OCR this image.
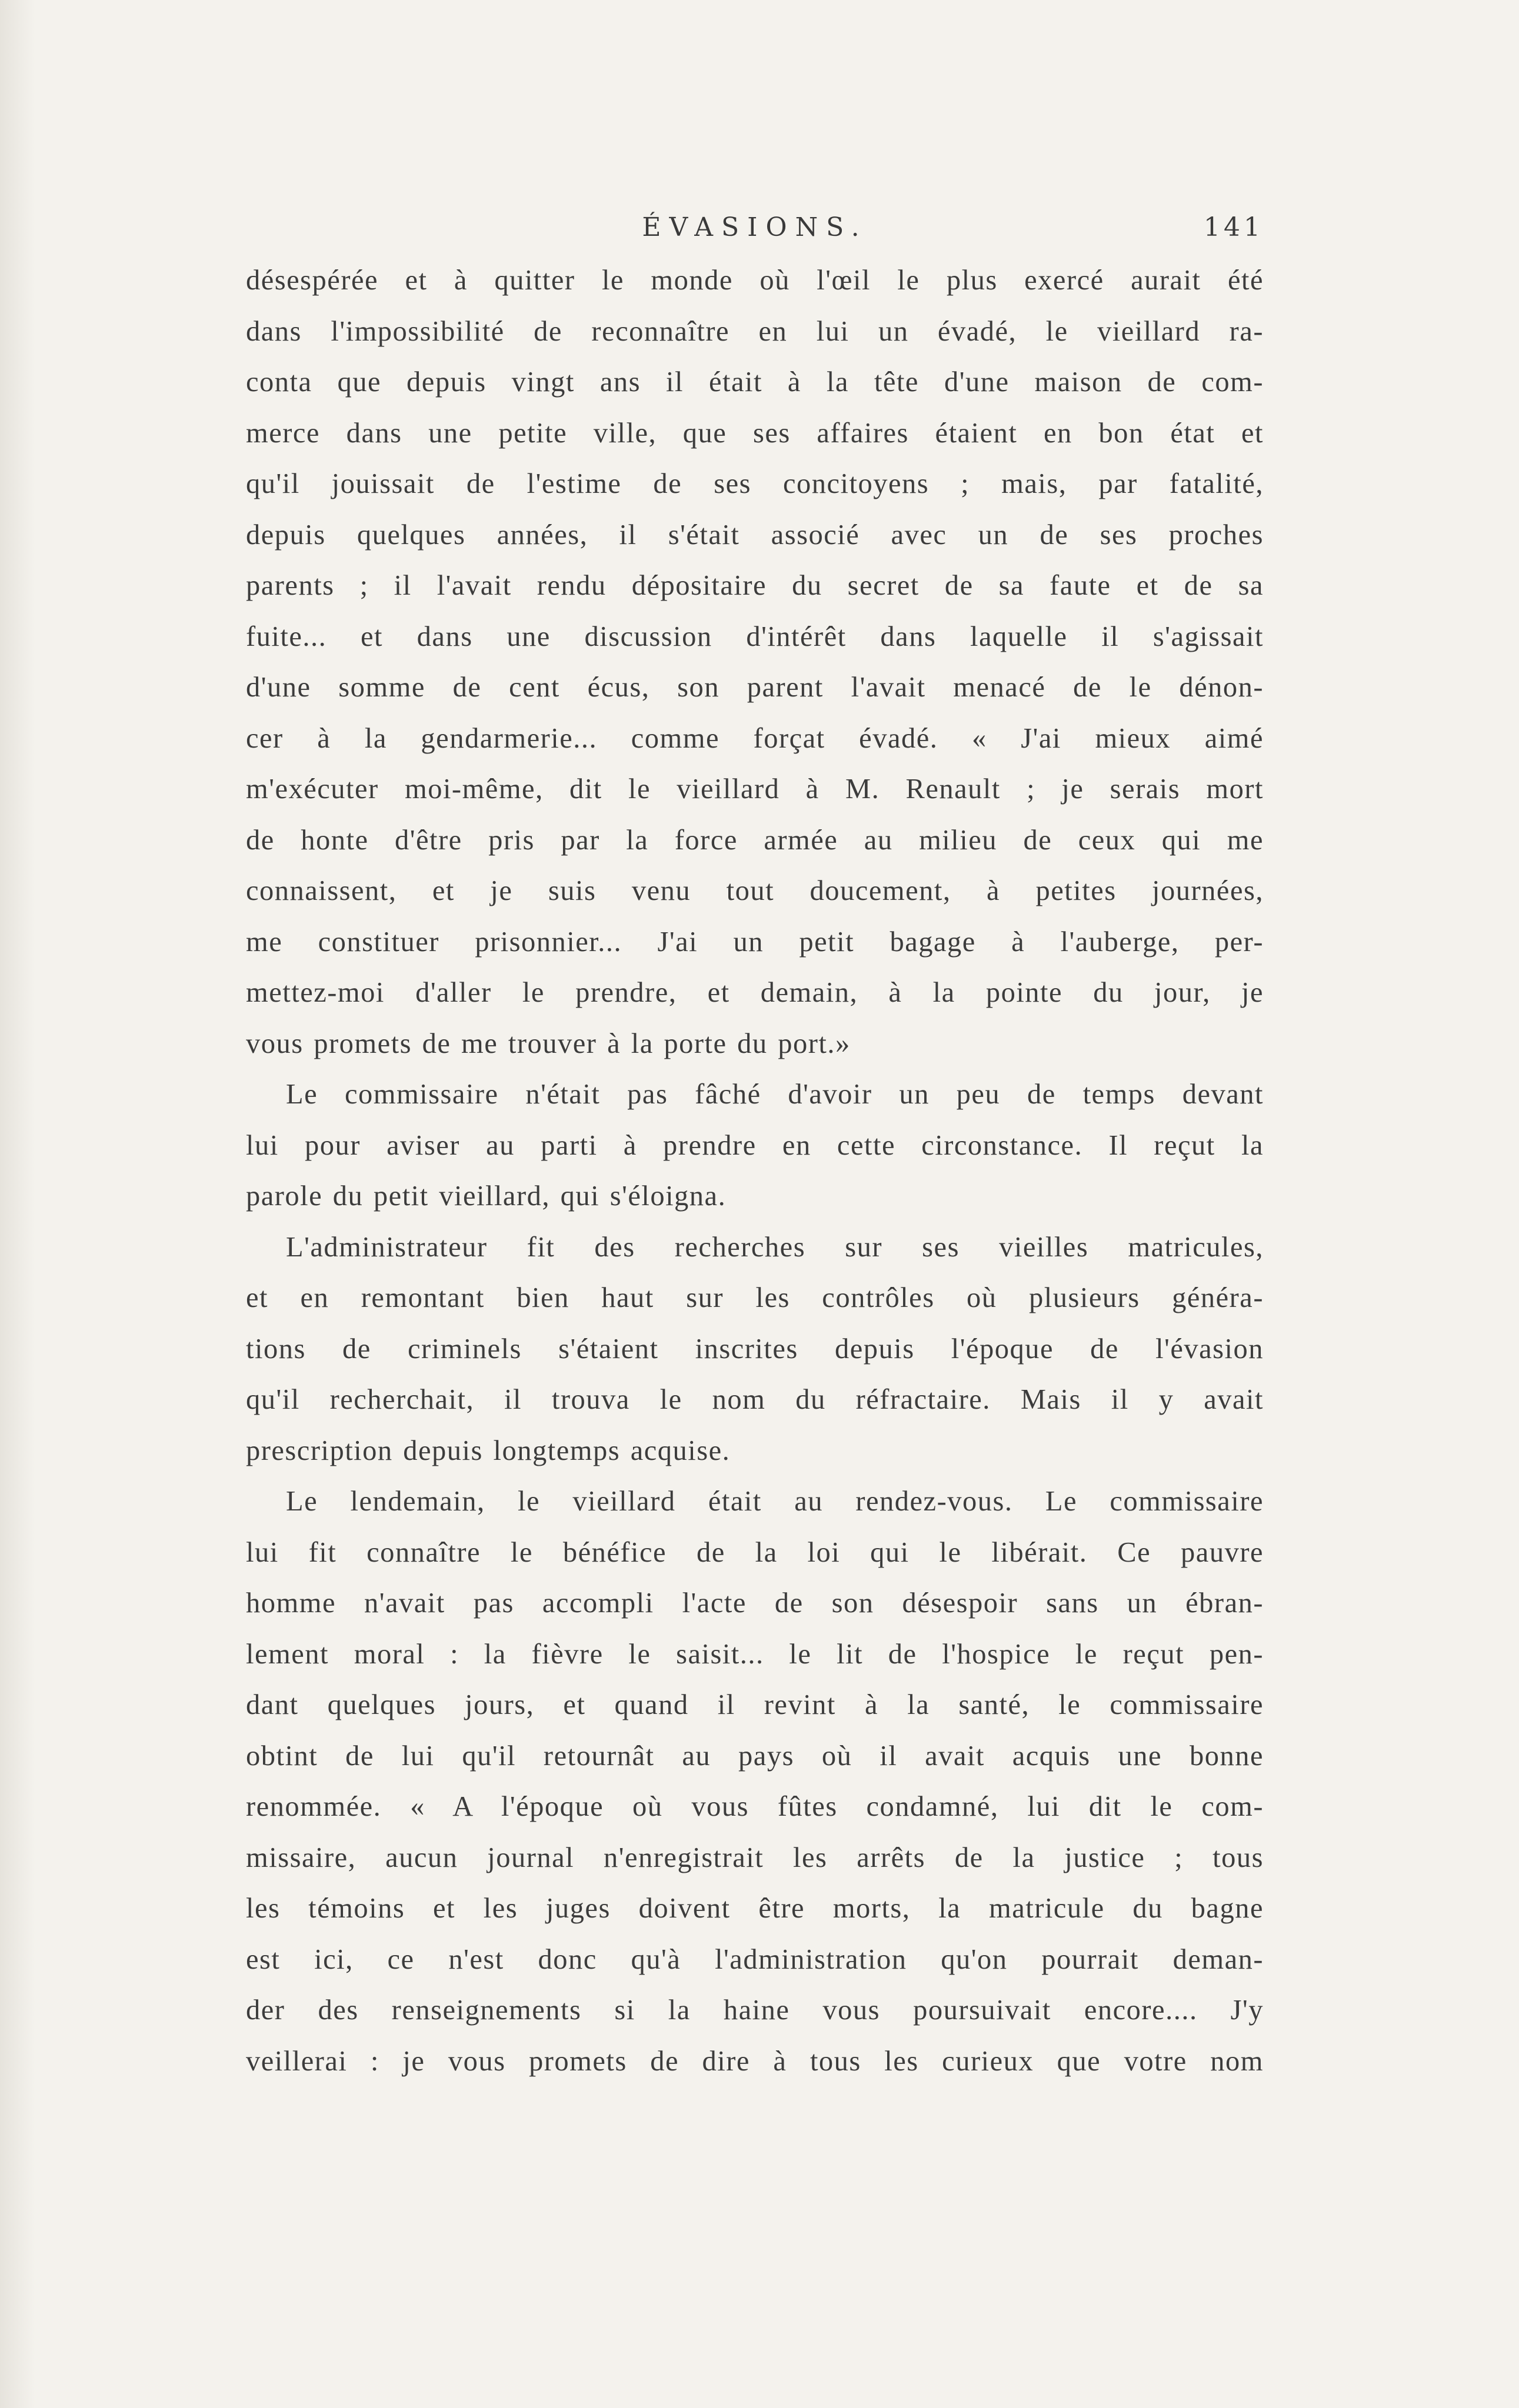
ÉVASIONS.	141
désespérée et à quitter le monde où l'œil le plus exercé aurait été
dans l'impossibilité de reconnaître en lui un évadé, le vieillard ra-
conta que depuis vingt ans il était à la tête d'une maison de com-
merce dans une petite ville, que ses affaires étaient en bon état et
qu'il jouissait de l'estime de ses concitoyens ; mais, par fatalité,
depuis quelques années, il s'était associé avec un de ses proches
parents ; il l'avait rendu dépositaire du secret de sa faute et de sa
fuite... et dans une discussion d'intérêt dans laquelle il s'agissait
d'une somme de cent écus, son parent l'avait menacé de le dénon-
cer à la gendarmerie... comme forçat évadé. « J'ai mieux aimé
m'exécuter moi-même, dit le vieillard à M. Renault ; je serais mort
de honte d'être pris par la force armée au milieu de ceux qui me
connaissent, et je suis venu tout doucement, à petites journées,
me constituer prisonnier... J'ai un petit bagage à l'auberge, per-
mettez-moi d'aller le prendre, et demain, à la pointe du jour, je
vous promets de me trouver à la porte du port.»
Le commissaire n'était pas fâché d'avoir un peu de temps devant
lui pour aviser au parti à prendre en cette circonstance. Il reçut la
parole du petit vieillard, qui s'éloigna.
L'administrateur fit des recherches sur ses vieilles matricules,
et en remontant bien haut sur les contrôles où plusieurs généra-
tions de criminels s'étaient inscrites depuis l'époque de l'évasion
qu'il recherchait, il trouva le nom du réfractaire. Mais il y avait
prescription depuis longtemps acquise.
Le lendemain, le vieillard était au rendez-vous. Le commissaire
lui fit connaître le bénéfice de la loi qui le libérait. Ce pauvre
homme n'avait pas accompli l'acte de son désespoir sans un ébran-
lement moral : la fièvre le saisit... le lit de l'hospice le reçut pen-
dant quelques jours, et quand il revint à la santé, le commissaire
obtint de lui qu'il retournât au pays où il avait acquis une bonne
renommée. « A l'époque où vous fûtes condamné, lui dit le com-
missaire, aucun journal n'enregistrait les arrêts de la justice ; tous
les témoins et les juges doivent être morts, la matricule du bagne
est ici, ce n'est donc qu'à l'administration qu'on pourrait deman-
der des renseignements si la haine vous poursuivait encore.... J'y
veillerai : je vous promets de dire à tous les curieux que votre nom
